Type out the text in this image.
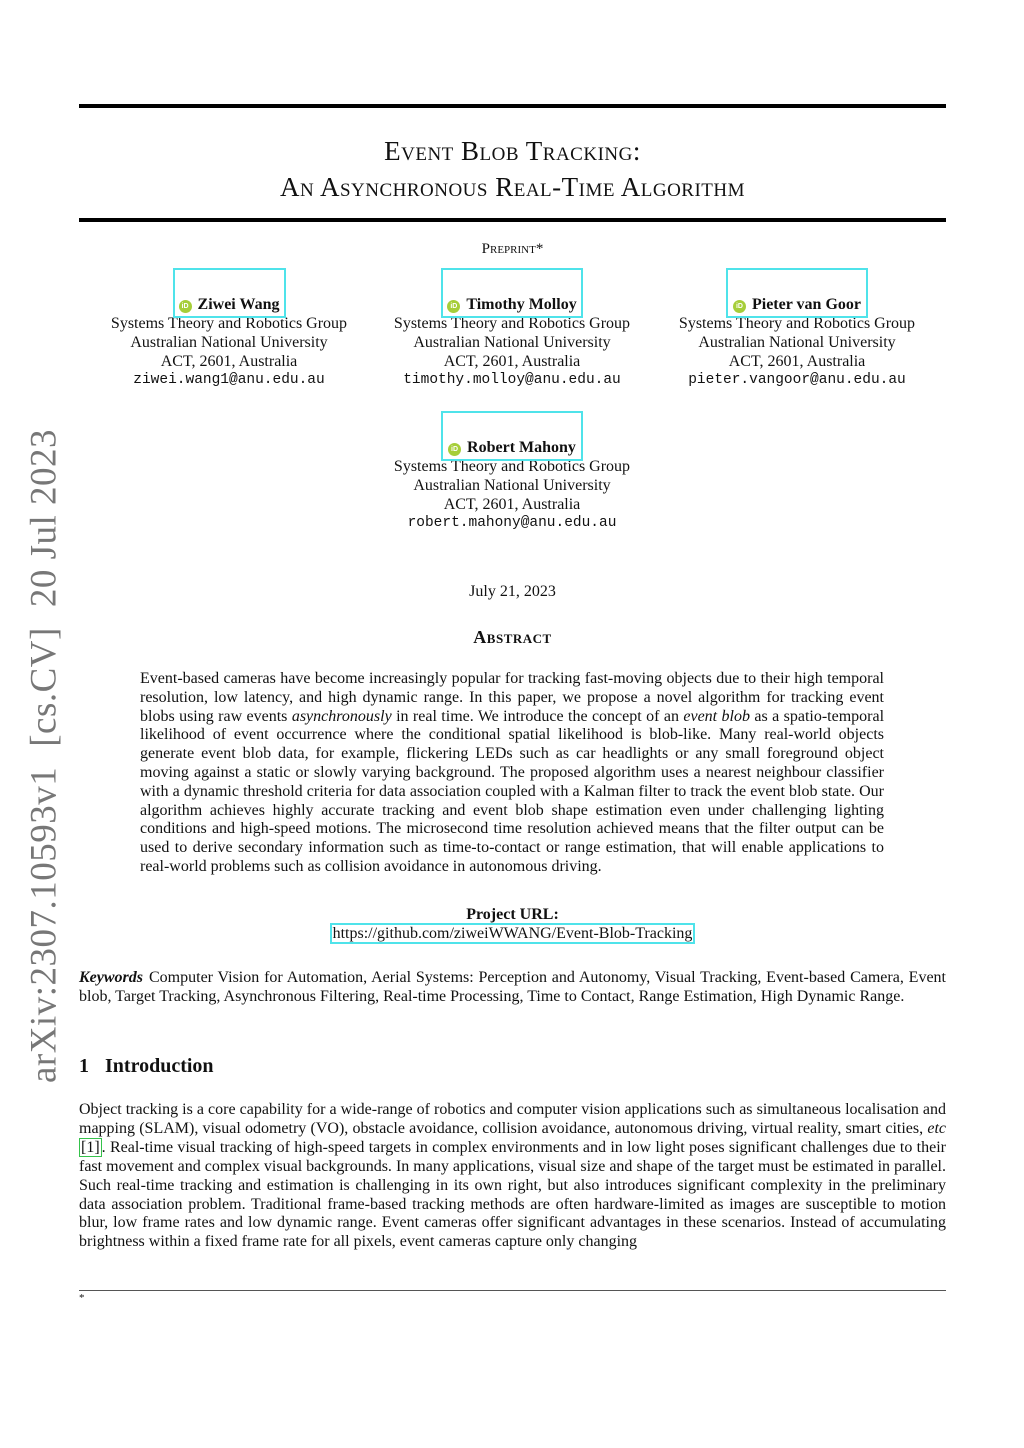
arXiv:2307.10593v1[cs.CV]20 Jul 2023
Event Blob Tracking:
An Asynchronous Real-Time Algorithm
Preprint*
iD Ziwei Wang
Systems Theory and Robotics Group
Australian National University
ACT, 2601, Australia
ziwei.wang1@anu.edu.au
iD Timothy Molloy
Systems Theory and Robotics Group
Australian National University
ACT, 2601, Australia
timothy.molloy@anu.edu.au
iD Pieter van Goor
Systems Theory and Robotics Group
Australian National University
ACT, 2601, Australia
pieter.vangoor@anu.edu.au
iD Robert Mahony
Systems Theory and Robotics Group
Australian National University
ACT, 2601, Australia
robert.mahony@anu.edu.au
July 21, 2023
Abstract
Event-based cameras have become increasingly popular for tracking fast-moving objects due to their high temporal resolution, low latency, and high dynamic range. In this paper, we propose a novel algorithm for tracking event blobs using raw events asynchronously in real time. We introduce the concept of an event blob as a spatio-temporal likelihood of event occurrence where the conditional spatial likelihood is blob-like. Many real-world objects generate event blob data, for example, flickering LEDs such as car headlights or any small foreground object moving against a static or slowly varying background. The proposed algorithm uses a nearest neighbour classifier with a dynamic threshold criteria for data association coupled with a Kalman filter to track the event blob state. Our algorithm achieves highly accurate tracking and event blob shape estimation even under challenging lighting conditions and high-speed motions. The microsecond time resolution achieved means that the filter output can be used to derive secondary information such as time-to-contact or range estimation, that will enable applications to real-world problems such as collision avoidance in autonomous driving.
Project URL:
https://github.com/ziweiWWANG/Event-Blob-Tracking
Keywords Computer Vision for Automation, Aerial Systems: Perception and Autonomy, Visual Tracking, Event-based Camera, Event blob, Target Tracking, Asynchronous Filtering, Real-time Processing, Time to Contact, Range Estimation, High Dynamic Range.
1 Introduction
Object tracking is a core capability for a wide-range of robotics and computer vision applications such as simultaneous localisation and mapping (SLAM), visual odometry (VO), obstacle avoidance, collision avoidance, autonomous driving, virtual reality, smart cities, etc [1] . Real-time visual tracking of high-speed targets in complex environments and in low light poses significant challenges due to their fast movement and complex visual backgrounds. In many applications, visual size and shape of the target must be estimated in parallel. Such real-time tracking and estimation is challenging in its own right, but also introduces significant complexity in the preliminary data association problem. Traditional frame-based tracking methods are often hardware-limited as images are susceptible to motion blur, low frame rates and low dynamic range. Event cameras offer significant advantages in these scenarios. Instead of accumulating brightness within a fixed frame rate for all pixels, event cameras capture only changing
*
